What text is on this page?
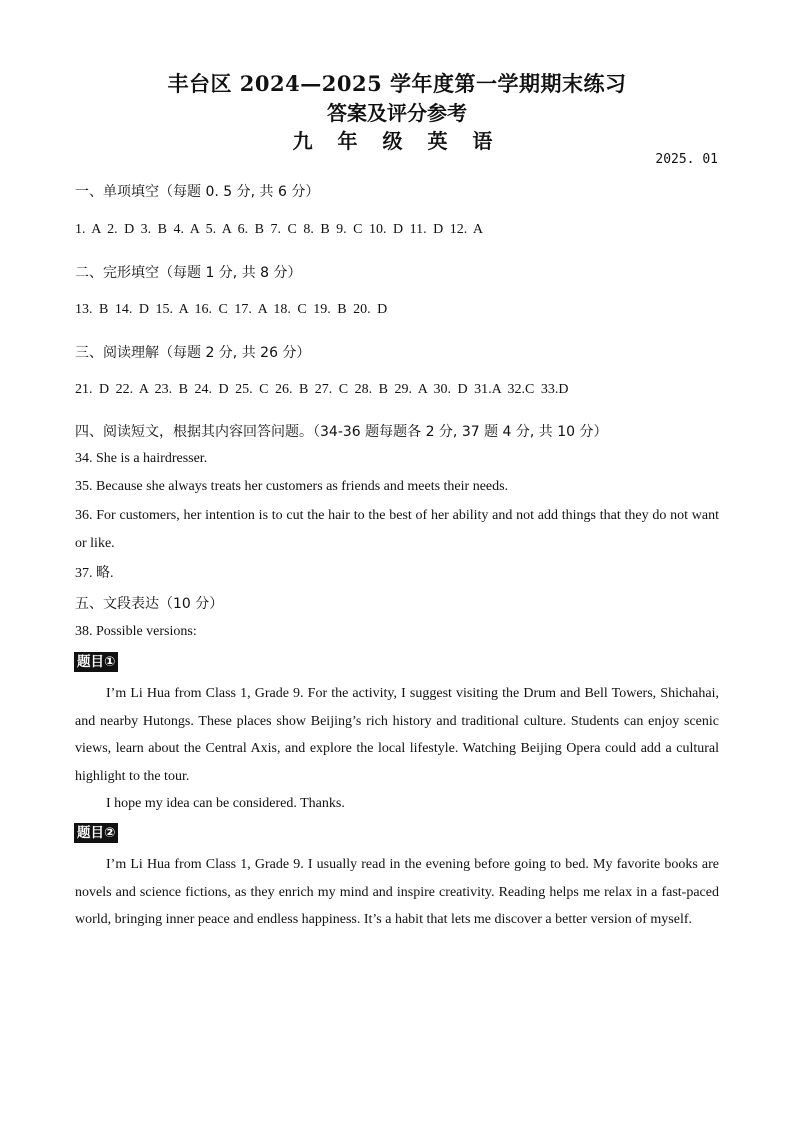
丰台区 2024—2025 学年度第一学期期末练习
答案及评分参考
九 年 级 英 语
2025. 01
一、单项填空（每题 0. 5 分, 共 6 分）
1. A 2. D 3. B 4. A 5. A 6. B 7. C 8. B 9. C 10. D 11. D 12. A
二、完形填空（每题 1 分, 共 8 分）
13. B 14. D 15. A 16. C 17. A 18. C 19. B 20. D
三、阅读理解（每题 2 分, 共 26 分）
21. D 22. A 23. B 24. D 25. C 26. B 27. C 28. B 29. A 30. D 31.A 32.C 33.D
四、阅读短文，根据其内容回答问题。（34-36 题每题各 2 分, 37 题 4 分, 共 10 分）
34. She is a hairdresser.
35. Because she always treats her customers as friends and meets their needs.
36. For customers, her intention is to cut the hair to the best of her ability and not add things that they do not want or like.
37. 略.
五、文段表达（10 分）
38. Possible versions:
题目①
I’m Li Hua from Class 1, Grade 9. For the activity, I suggest visiting the Drum and Bell Towers, Shichahai, and nearby Hutongs. These places show Beijing’s rich history and traditional culture. Students can enjoy scenic views, learn about the Central Axis, and explore the local lifestyle. Watching Beijing Opera could add a cultural highlight to the tour.
I hope my idea can be considered. Thanks.
题目②
I’m Li Hua from Class 1, Grade 9. I usually read in the evening before going to bed. My favorite books are novels and science fictions, as they enrich my mind and inspire creativity. Reading helps me relax in a fast-paced world, bringing inner peace and endless happiness. It’s a habit that lets me discover a better version of myself.
